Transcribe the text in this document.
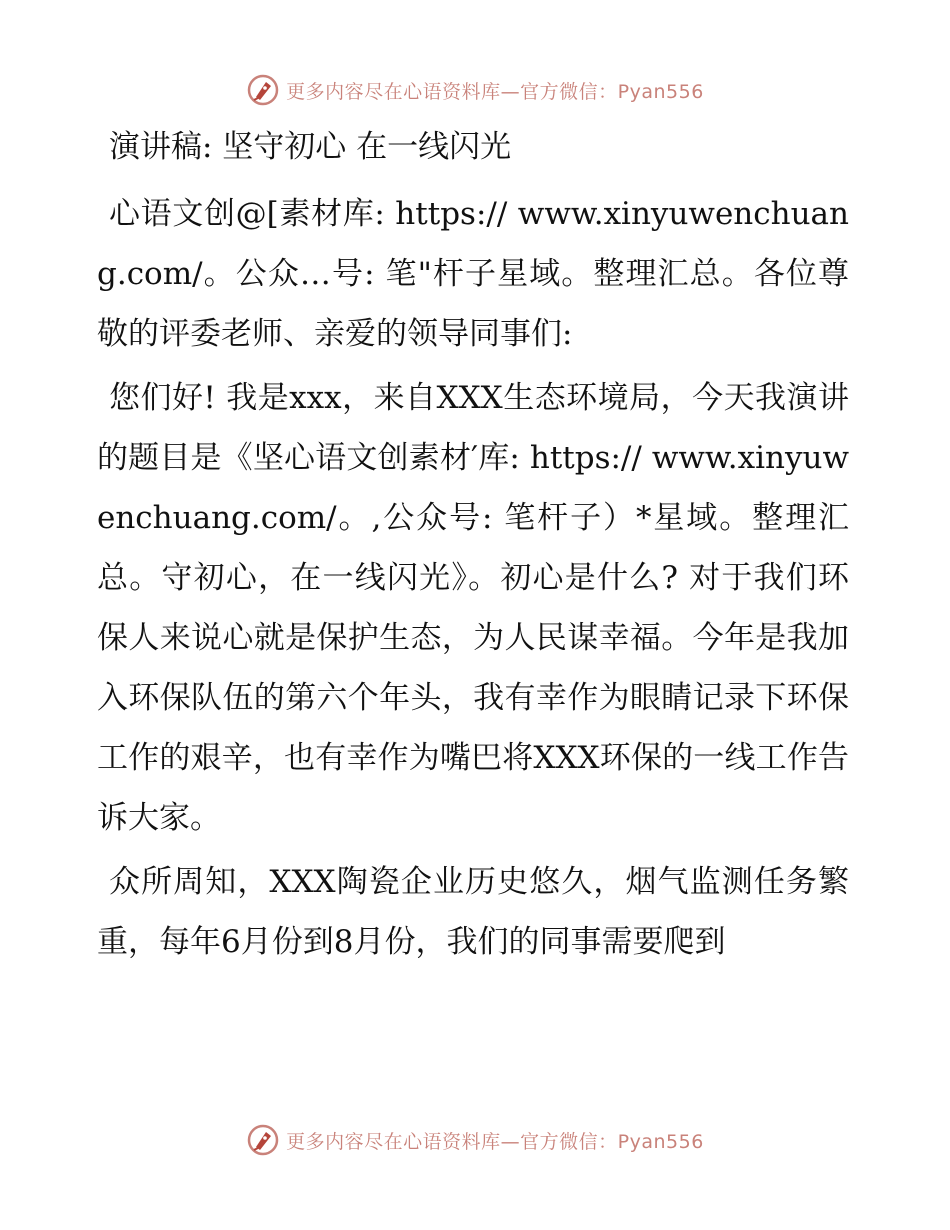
更多内容尽在心语资料库—官方微信：Pyan556
演讲稿: 坚守初心 在一线闪光

心语文创@[素材库: https:// www.xinyuwenchuang.com/。公众…号: 笔"杆子星域。整理汇总。各位尊敬的评委老师、亲爱的领导同事们:

您们好! 我是xxx，来自XXX生态环境局，今天我演讲的题目是《坚心语文创素材′库: https:// www.xinyuwenchuang.com/。,公众号: 笔杆子）*星域。整理汇总。守初心，在一线闪光》。初心是什么? 对于我们环保人来说心就是保护生态，为人民谋幸福。今年是我加入环保队伍的第六个年头，我有幸作为眼睛记录下环保工作的艰辛，也有幸作为嘴巴将XXX环保的一线工作告诉大家。

众所周知，XXX陶瓷企业历史悠久，烟气监测任务繁重，每年6月份到8月份，我们的同事需要爬到

更多内容尽在心语资料库—官方微信：Pyan556
